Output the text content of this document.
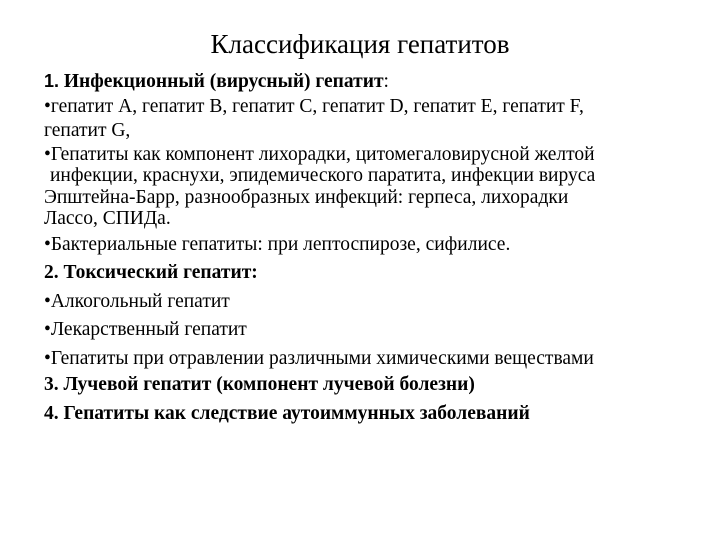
Классификация гепатитов
1. Инфекционный (вирусный) гепатит:
•гепатит А, гепатит В, гепатит С, гепатит D, гепатит Е, гепатит F,
гепатит G,
•Гепатиты как компонент лихорадки, цитомегаловирусной желтой
инфекции, краснухи, эпидемического паратита, инфекции вируса
Эпштейна-Барр, разнообразных инфекций: герпеса, лихорадки
Лассо, СПИДа.
•Бактериальные гепатиты: при лептоспирозе, сифилисе.
2. Токсический гепатит:
•Алкогольный гепатит
•Лекарственный гепатит
•Гепатиты при отравлении различными химическими веществами
3. Лучевой гепатит (компонент лучевой болезни)
4. Гепатиты как следствие аутоиммунных заболеваний
